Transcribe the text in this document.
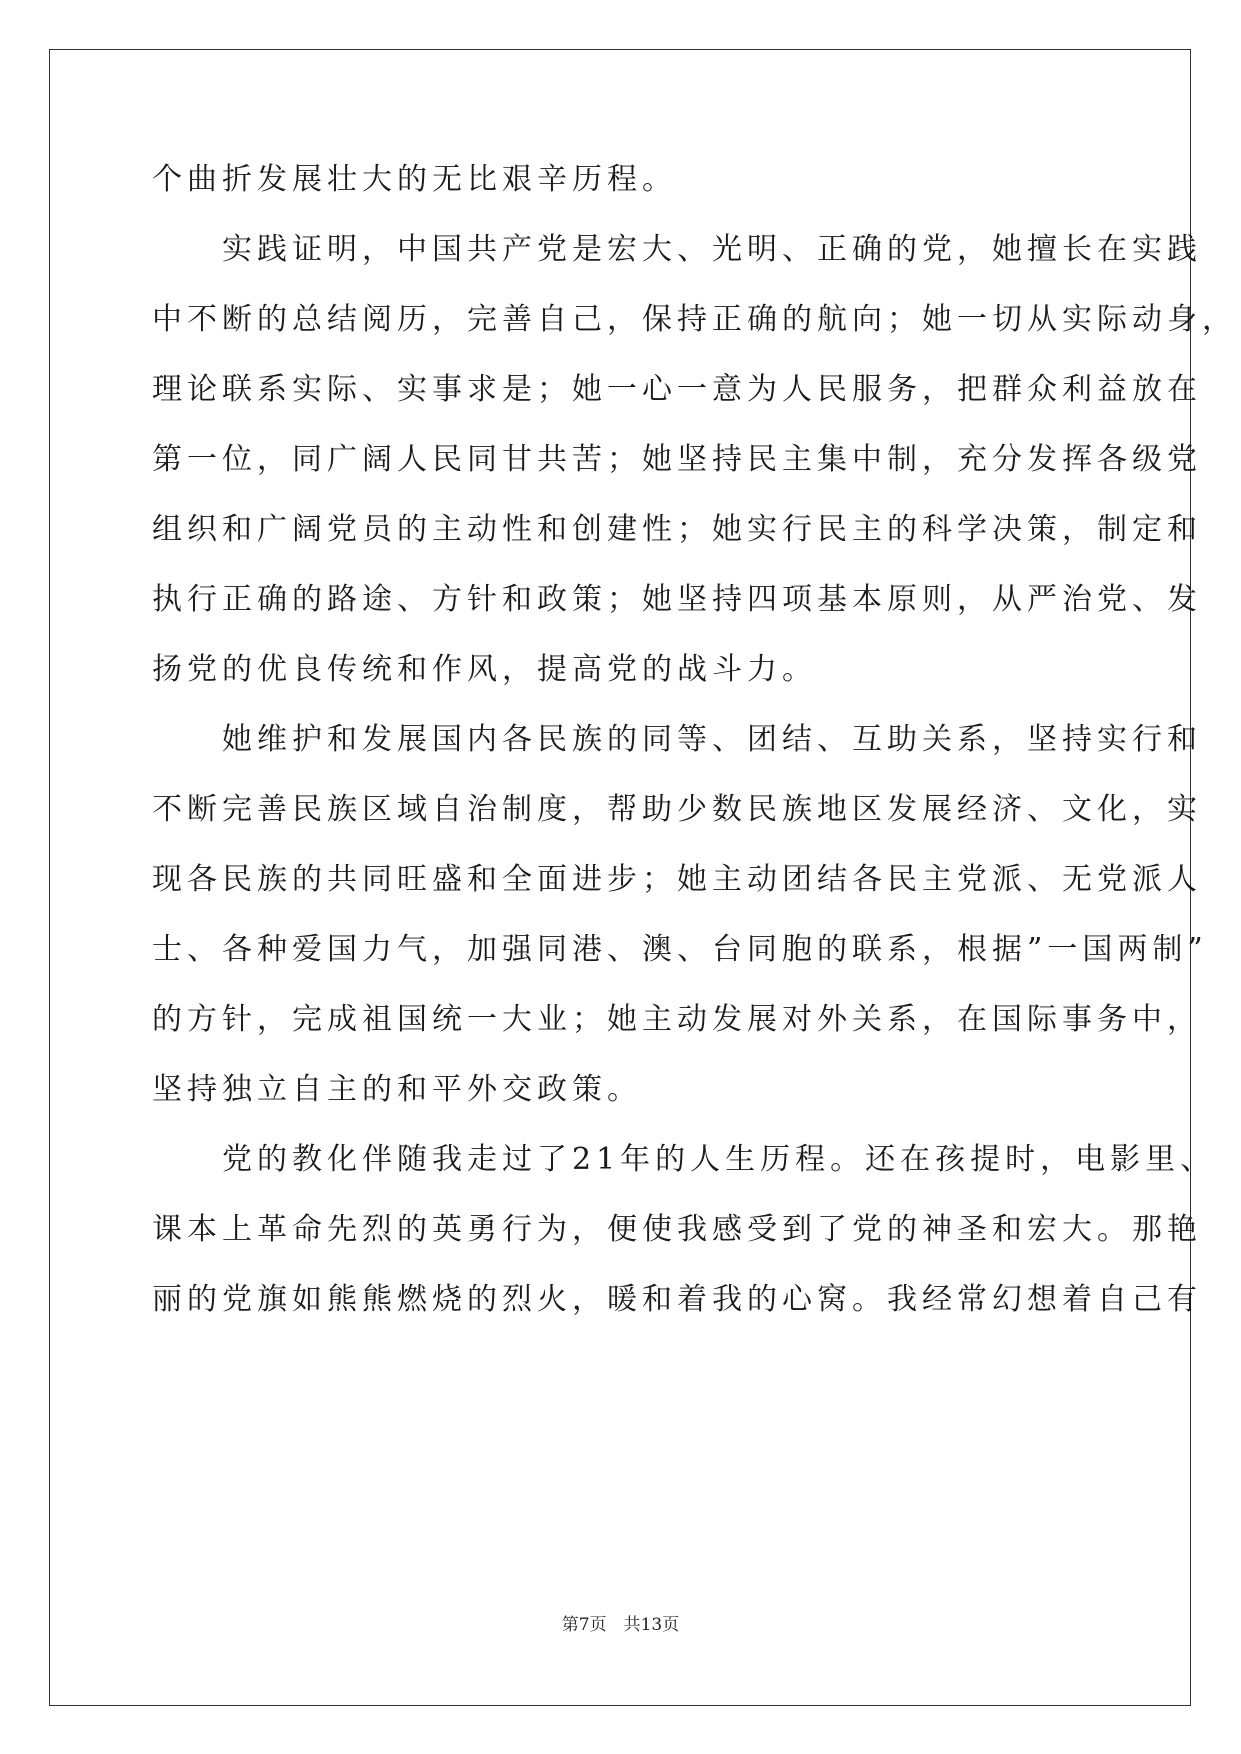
个曲折发展壮大的无比艰辛历程。
　　实践证明，中国共产党是宏大、光明、正确的党，她擅长在实践
中不断的总结阅历，完善自己，保持正确的航向；她一切从实际动身，
理论联系实际、实事求是；她一心一意为人民服务，把群众利益放在
第一位，同广阔人民同甘共苦；她坚持民主集中制，充分发挥各级党
组织和广阔党员的主动性和创建性；她实行民主的科学决策，制定和
执行正确的路途、方针和政策；她坚持四项基本原则，从严治党、发
扬党的优良传统和作风，提高党的战斗力。
　　她维护和发展国内各民族的同等、团结、互助关系，坚持实行和
不断完善民族区域自治制度，帮助少数民族地区发展经济、文化，实
现各民族的共同旺盛和全面进步；她主动团结各民主党派、无党派人
士、各种爱国力气，加强同港、澳、台同胞的联系，根据”一国两制”
的方针，完成祖国统一大业；她主动发展对外关系，在国际事务中，
坚持独立自主的和平外交政策。
　　党的教化伴随我走过了21年的人生历程。还在孩提时，电影里、
课本上革命先烈的英勇行为，便使我感受到了党的神圣和宏大。那艳
丽的党旗如熊熊燃烧的烈火，暖和着我的心窝。我经常幻想着自己有
第7页　共13页
